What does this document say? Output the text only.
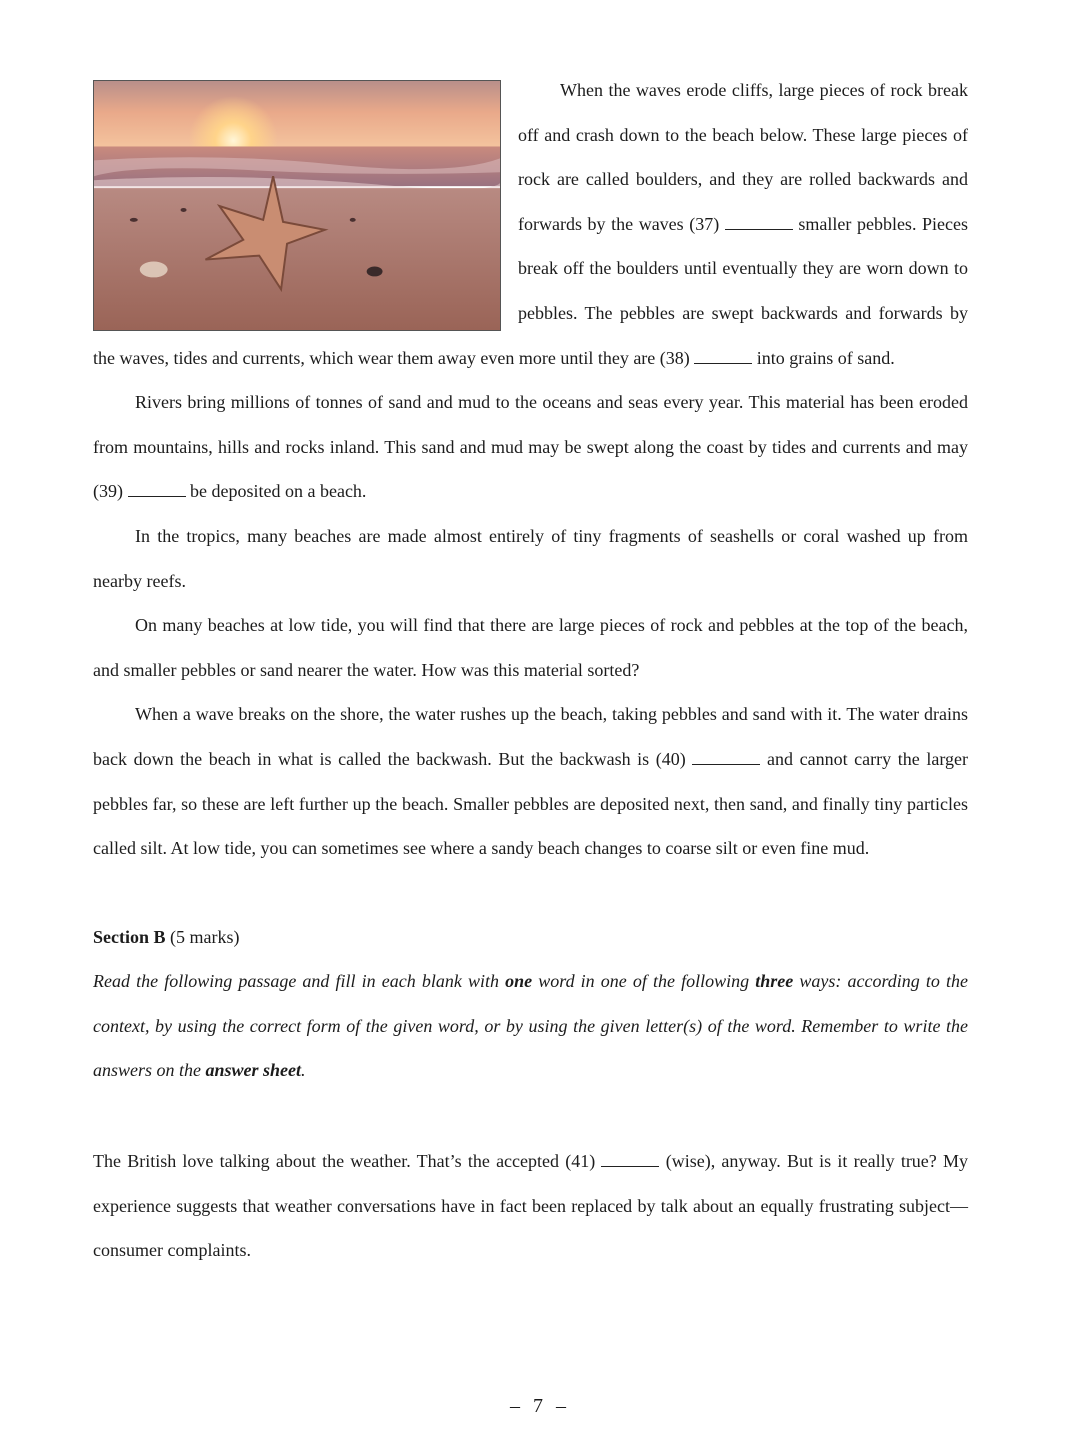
When the waves erode cliffs, large pieces of rock break off and crash down to the beach below. These large pieces of rock are called boulders, and they are rolled backwards and forwards by the waves (37)	smaller pebbles. Pieces break off the boulders until eventually they are worn down to pebbles. The pebbles are swept backwards and forwards by the waves, tides and currents, which wear them away even more until they are (38)	into grains of sand.

Rivers bring millions of tonnes of sand and mud to the oceans and seas every year. This material has been eroded from mountains, hills and rocks inland. This sand and mud may be swept along the coast by tides and currents and may (39)	be deposited on a beach.

In the tropics, many beaches are made almost entirely of tiny fragments of seashells or coral washed up from nearby reefs.

On many beaches at low tide, you will find that there are large pieces of rock and pebbles at the top of the beach, and smaller pebbles or sand nearer the water. How was this material sorted?

When a wave breaks on the shore, the water rushes up the beach, taking pebbles and sand with it. The water drains back down the beach in what is called the backwash. But the backwash is (40)	and cannot carry the larger pebbles far, so these are left further up the beach. Smaller pebbles are deposited next, then sand, and finally tiny particles called silt. At low tide, you can sometimes see where a sandy beach changes to coarse silt or even fine mud.

Section B (5 marks)

Read the following passage and fill in each blank with one word in one of the following three ways: according to the context, by using the correct form of the given word, or by using the given letter(s) of the word. Remember to write the answers on the answer sheet.

The British love talking about the weather. That’s the accepted (41)	(wise), anyway. But is it really true? My experience suggests that weather conversations have in fact been replaced by talk about an equally frustrating subject—consumer complaints.

– 7 –
